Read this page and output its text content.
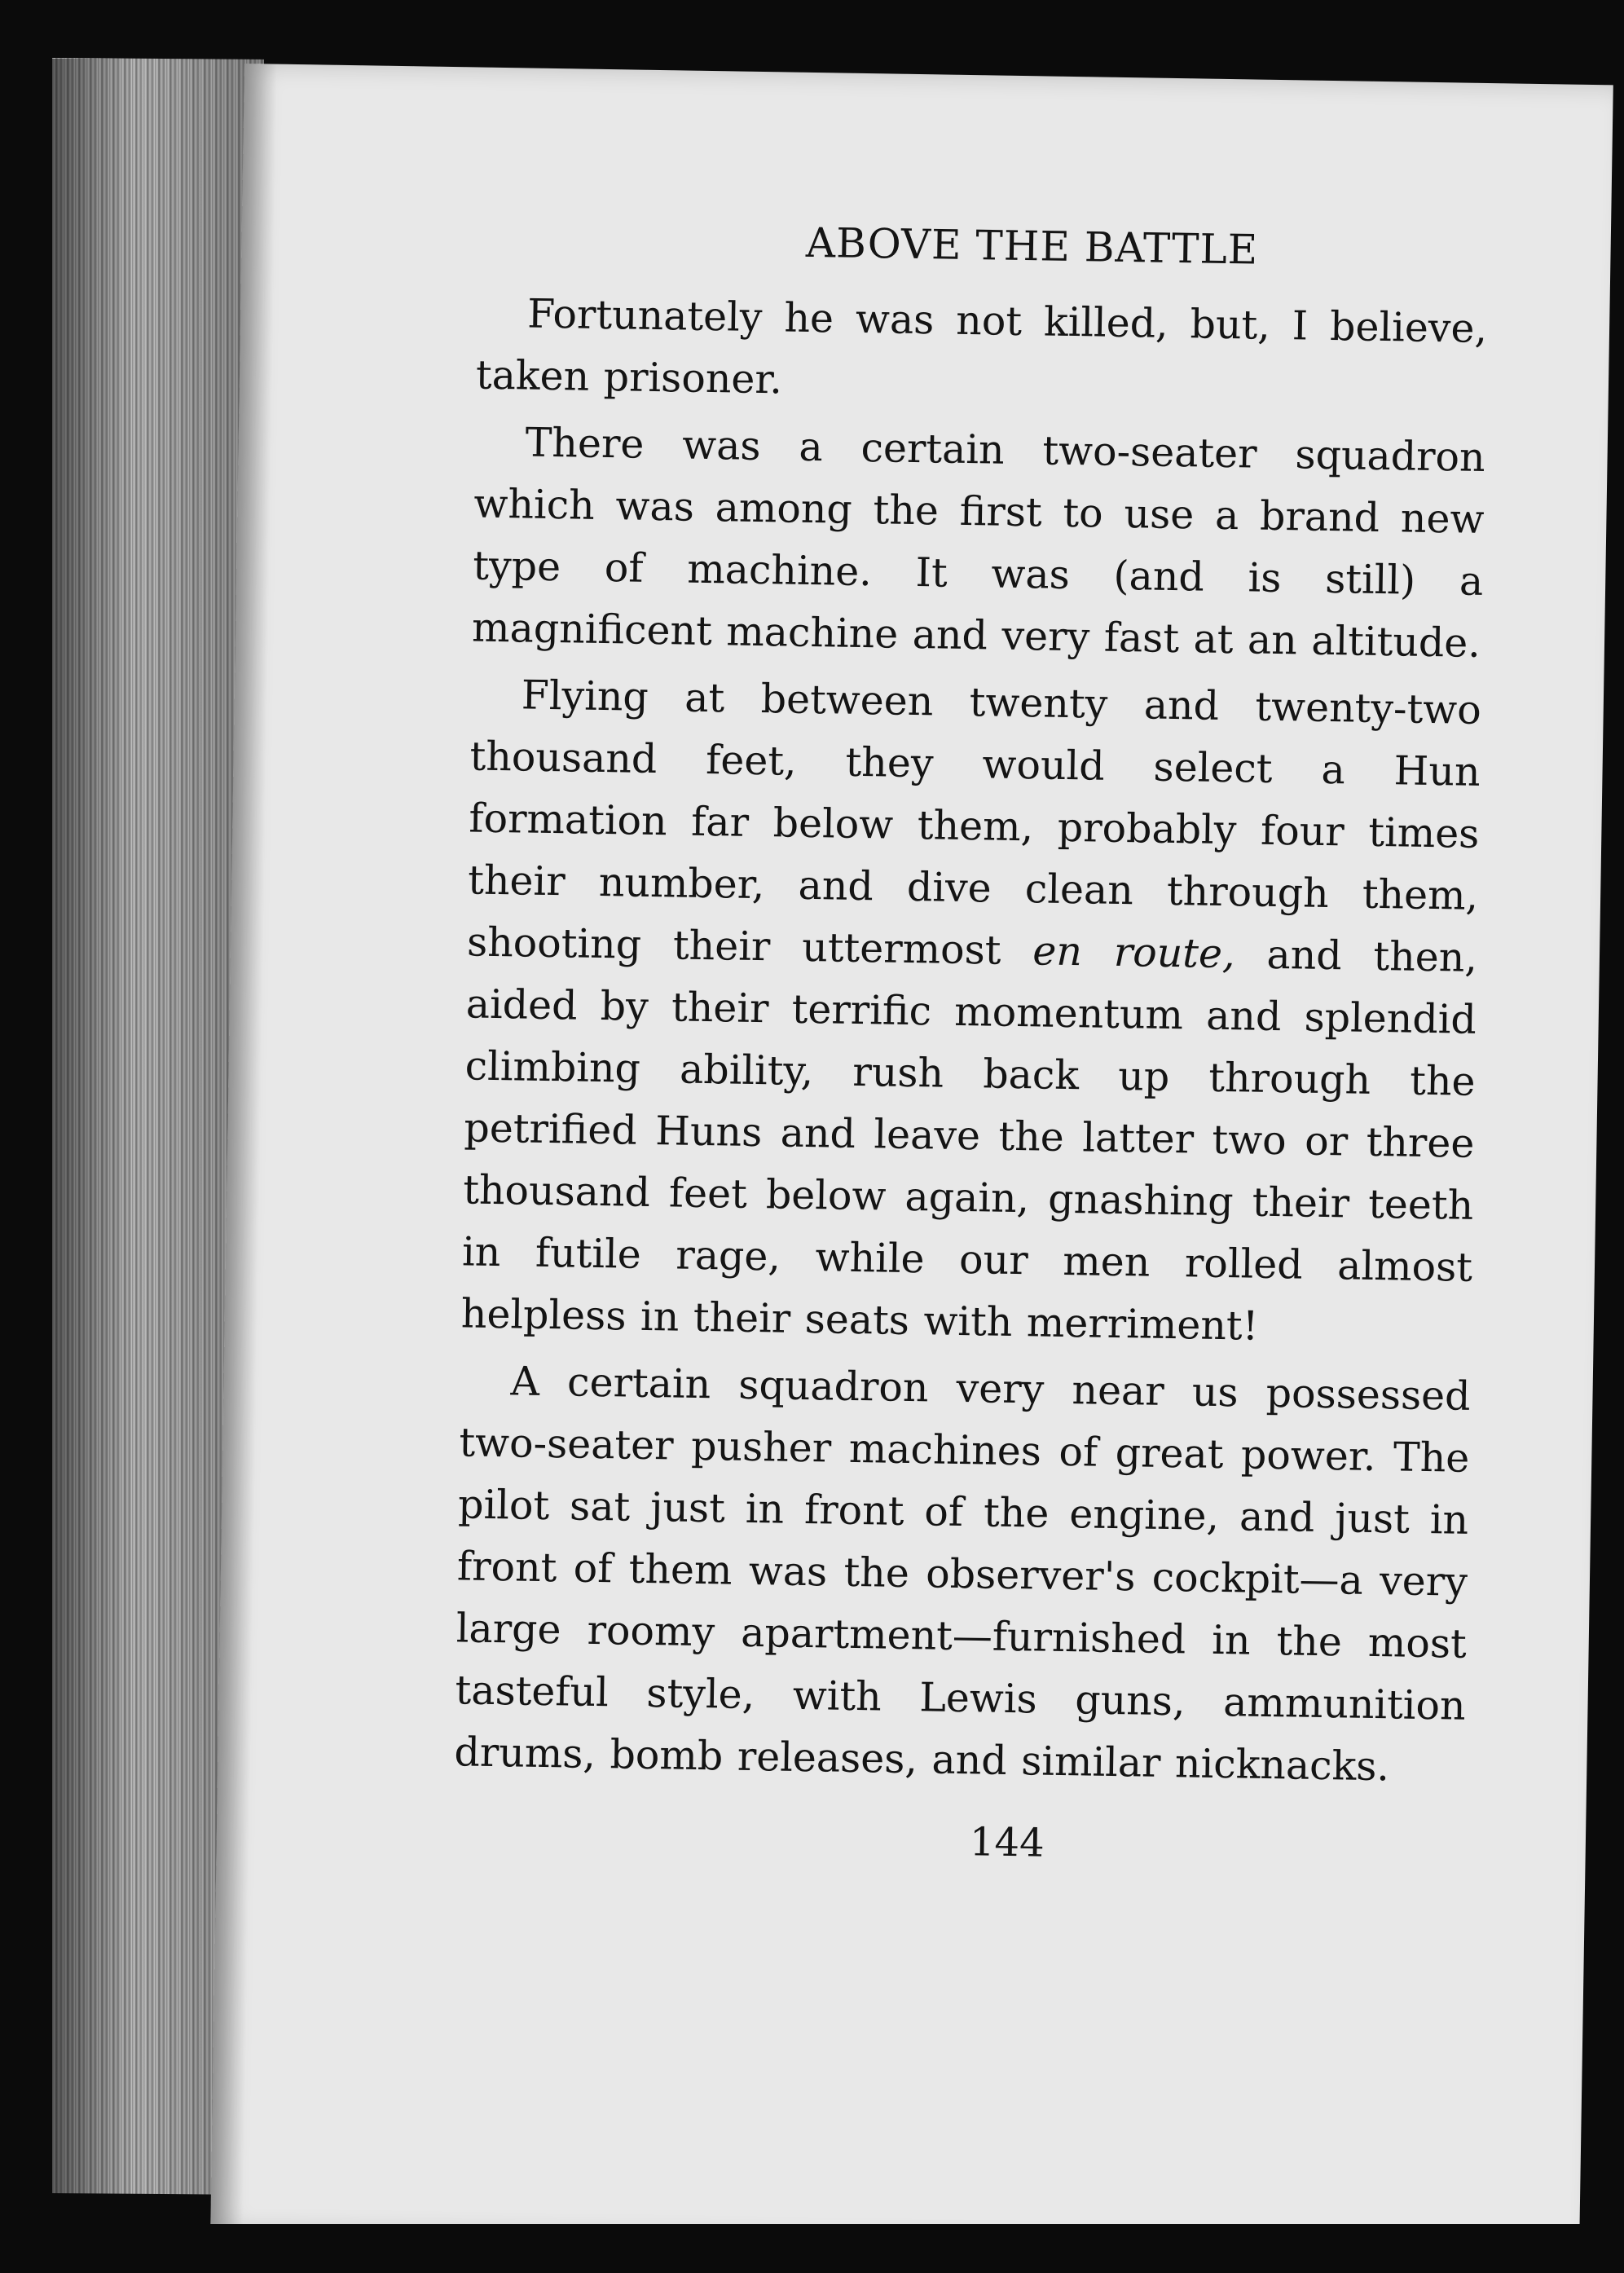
ABOVE THE BATTLE

Fortunately he was not killed, but, I believe, taken prisoner.

There was a certain two-seater squadron which was among the first to use a brand new type of machine. It was (and is still) a magnificent machine and very fast at an altitude.

Flying at between twenty and twenty-two thousand feet, they would select a Hun formation far below them, probably four times their number, and dive clean through them, shooting their uttermost en route, and then, aided by their terrific momentum and splendid climbing ability, rush back up through the petrified Huns and leave the latter two or three thousand feet below again, gnashing their teeth in futile rage, while our men rolled almost helpless in their seats with merriment!

A certain squadron very near us possessed two-seater pusher machines of great power. The pilot sat just in front of the engine, and just in front of them was the observer's cockpit—a very large roomy apartment—furnished in the most tasteful style, with Lewis guns, ammunition drums, bomb releases, and similar nicknacks.

144
